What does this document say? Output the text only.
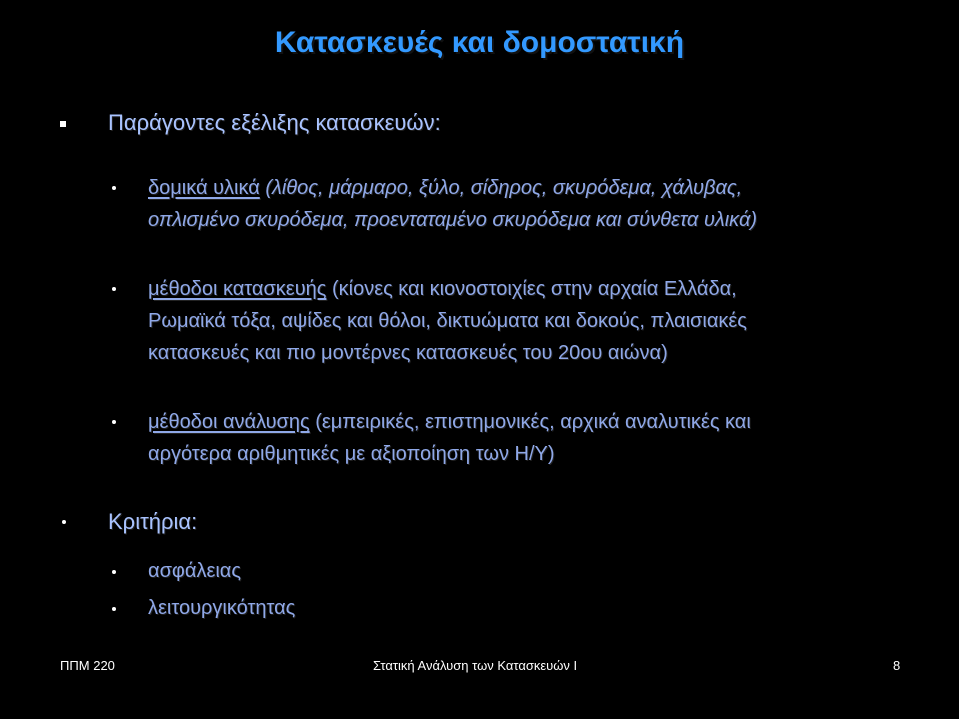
Κατασκευές και δομοστατική
Παράγοντες εξέλιξης κατασκευών:
δομικά υλικά (λίθος, μάρμαρο, ξύλο, σίδηρος, σκυρόδεμα, χάλυβας,
οπλισμένο σκυρόδεμα, προενταταμένο σκυρόδεμα και σύνθετα υλικά)
μέθοδοι κατασκευής (κίονες και κιονοστοιχίες στην αρχαία Ελλάδα,
Ρωμαϊκά τόξα, αψίδες και θόλοι, δικτυώματα και δοκούς, πλαισιακές
κατασκευές και πιο μοντέρνες κατασκευές του 20ου αιώνα)
μέθοδοι ανάλυσης (εμπειρικές, επιστημονικές, αρχικά αναλυτικές και
αργότερα αριθμητικές με αξιοποίηση των Η/Υ)
Κριτήρια:
ασφάλειας
λειτουργικότητας
ΠΠΜ 220	Στατική Ανάλυση των Κατασκευών Ι	8
